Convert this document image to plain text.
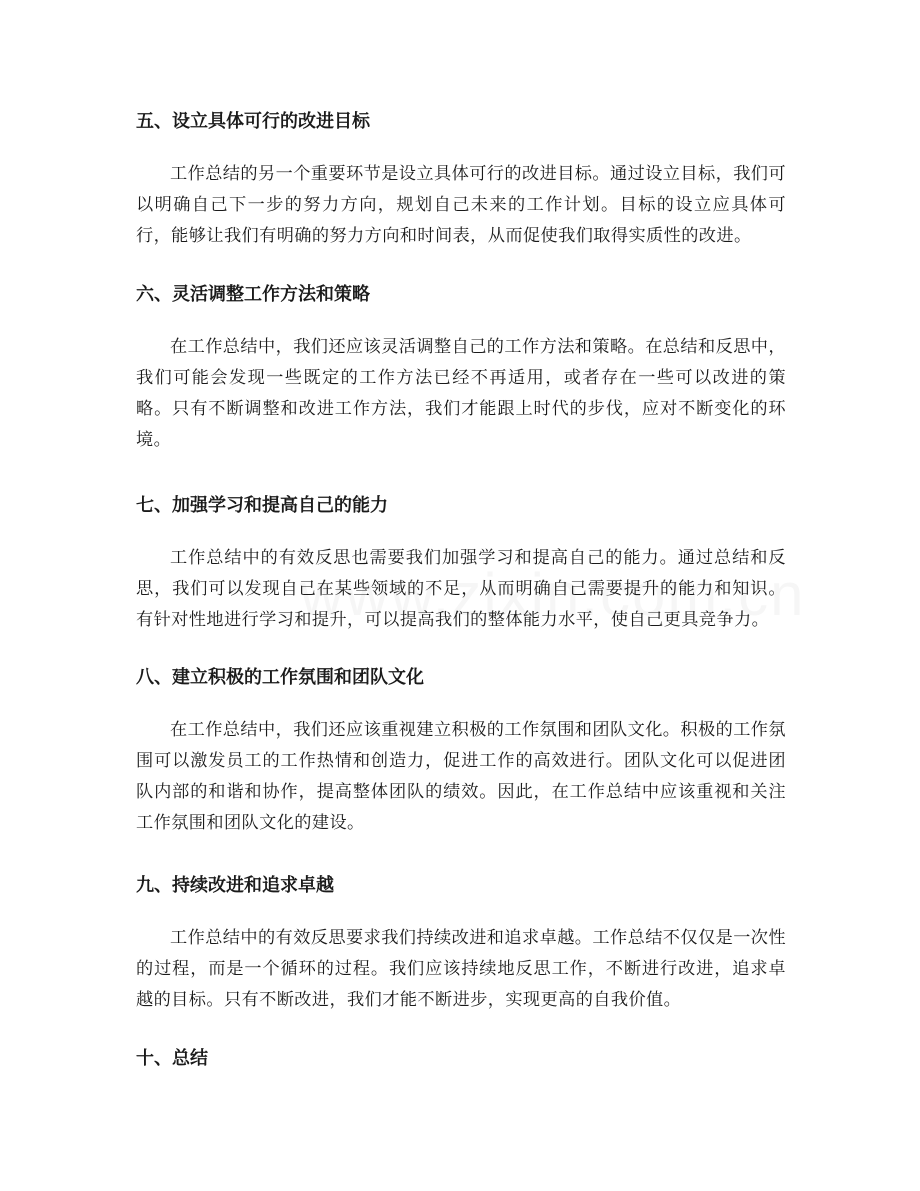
五、设立具体可行的改进目标

工作总结的另一个重要环节是设立具体可行的改进目标。通过设立目标，我们可以明确自己下一步的努力方向，规划自己未来的工作计划。目标的设立应具体可行，能够让我们有明确的努力方向和时间表，从而促使我们取得实质性的改进。

六、灵活调整工作方法和策略

在工作总结中，我们还应该灵活调整自己的工作方法和策略。在总结和反思中，我们可能会发现一些既定的工作方法已经不再适用，或者存在一些可以改进的策略。只有不断调整和改进工作方法，我们才能跟上时代的步伐，应对不断变化的环境。

七、加强学习和提高自己的能力

工作总结中的有效反思也需要我们加强学习和提高自己的能力。通过总结和反思，我们可以发现自己在某些领域的不足，从而明确自己需要提升的能力和知识。有针对性地进行学习和提升，可以提高我们的整体能力水平，使自己更具竞争力。

八、建立积极的工作氛围和团队文化

在工作总结中，我们还应该重视建立积极的工作氛围和团队文化。积极的工作氛围可以激发员工的工作热情和创造力，促进工作的高效进行。团队文化可以促进团队内部的和谐和协作，提高整体团队的绩效。因此，在工作总结中应该重视和关注工作氛围和团队文化的建设。

九、持续改进和追求卓越

工作总结中的有效反思要求我们持续改进和追求卓越。工作总结不仅仅是一次性的过程，而是一个循环的过程。我们应该持续地反思工作，不断进行改进，追求卓越的目标。只有不断改进，我们才能不断进步，实现更高的自我价值。

十、总结
